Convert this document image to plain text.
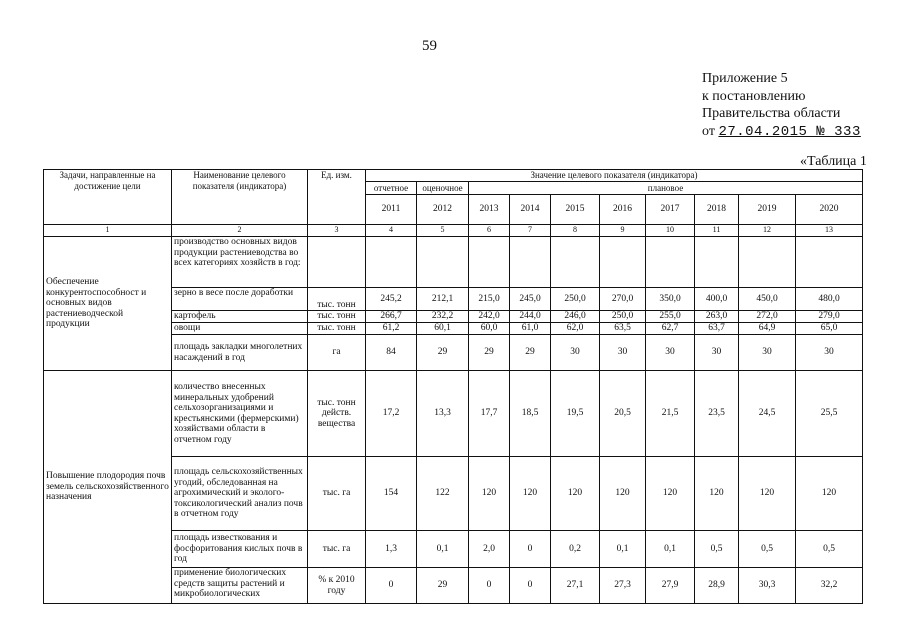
59
Приложение 5
к постановлению
Правительства области
от 27.04.2015 № 333
«Таблица 1
Задачи, направленные на достижение цели	Наименование целевого показателя (индикатора)	Ед. изм.	Значение целевого показателя (индикатора)									
			отчетное	оценочное	плановое							
			2011	2012	2013	2014	2015	2016	2017	2018	2019	2020
1	2	3	4	5	6	7	8	9	10	11	12	13
Обеспечение конкурентоспособност и основных видов растениеводческой продукции	производство основных видов продукции растениеводства во всех категориях хозяйств в год:											
	зерно в весе после доработки	тыс. тонн	245,2	212,1	215,0	245,0	250,0	270,0	350,0	400,0	450,0	480,0
	картофель	тыс. тонн	266,7	232,2	242,0	244,0	246,0	250,0	255,0	263,0	272,0	279,0
	овощи	тыс. тонн	61,2	60,1	60,0	61,0	62,0	63,5	62,7	63,7	64,9	65,0
	площадь закладки многолетних насаждений в год	га	84	29	29	29	30	30	30	30	30	30
Повышение плодородия почв земель сельскохозяйственного назначения	количество внесенных минеральных удобрений сельхозорганизациями и крестьянскими (фермерскими) хозяйствами области в отчетном году	тыс. тонн действ. вещества	17,2	13,3	17,7	18,5	19,5	20,5	21,5	23,5	24,5	25,5
	площадь сельскохозяйственных угодий, обследованная на агрохимический и эколого-токсикологический анализ почв в отчетном году	тыс. га	154	122	120	120	120	120	120	120	120	120
	площадь известкования и фосфоритования кислых почв в год	тыс. га	1,3	0,1	2,0	0	0,2	0,1	0,1	0,5	0,5	0,5
	применение биологических средств защиты растений и микробиологических	% к 2010 году	0	29	0	0	27,1	27,3	27,9	28,9	30,3	32,2
